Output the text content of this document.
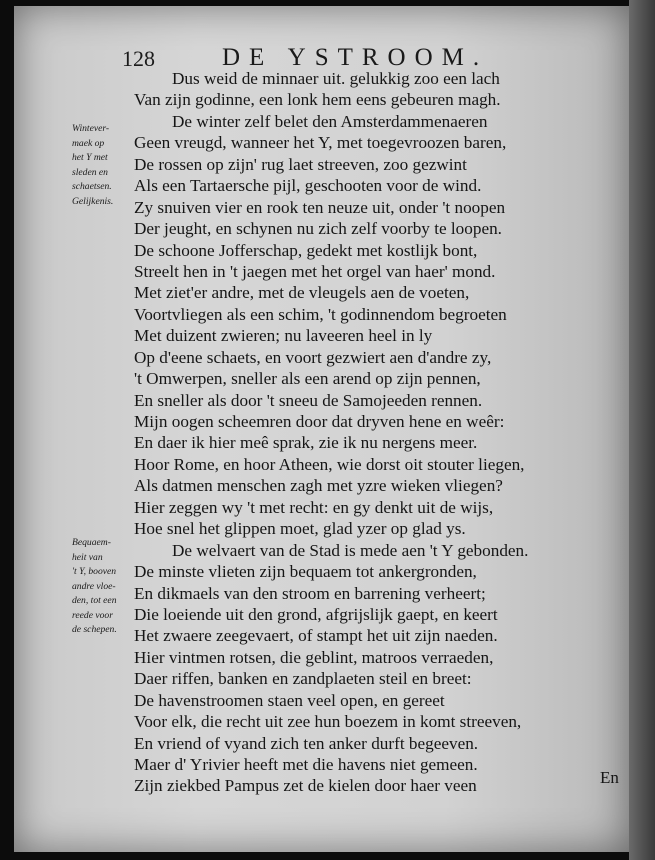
128	DE YSTROOM.
Wintever-
maek op
het Y met
sleden en
schaetsen.
Gelijkenis.
Bequaem-
heit van
't Y, booven
andre vloe-
den, tot een
reede voor
de schepen.
Dus weid de minnaer uit. gelukkig zoo een lach
Van zijn godinne, een lonk hem eens gebeuren magh.
De winter zelf belet den Amsterdammenaeren
Geen vreugd, wanneer het Y, met toegevroozen baren,
De rossen op zijn' rug laet streeven, zoo gezwint
Als een Tartaersche pijl, geschooten voor de wind.
Zy snuiven vier en rook ten neuze uit, onder 't noopen
Der jeught, en schynen nu zich zelf voorby te loopen.
De schoone Jofferschap, gedekt met kostlijk bont,
Streelt hen in 't jaegen met het orgel van haer' mond.
Met ziet'er andre, met de vleugels aen de voeten,
Voortvliegen als een schim, 't godinnendom begroeten
Met duizent zwieren; nu laveeren heel in ly
Op d'eene schaets, en voort gezwiert aen d'andre zy,
't Omwerpen, sneller als een arend op zijn pennen,
En sneller als door 't sneeu de Samojeeden rennen.
Mijn oogen scheemren door dat dryven hene en weêr:
En daer ik hier meê sprak, zie ik nu nergens meer.
Hoor Rome, en hoor Atheen, wie dorst oit stouter liegen,
Als datmen menschen zagh met yzre wieken vliegen?
Hier zeggen wy 't met recht: en gy denkt uit de wijs,
Hoe snel het glippen moet, glad yzer op glad ys.
De welvaert van de Stad is mede aen 't Y gebonden.
De minste vlieten zijn bequaem tot ankergronden,
En dikmaels van den stroom en barrening verheert;
Die loeiende uit den grond, afgrijslijk gaept, en keert
Het zwaere zeegevaert, of stampt het uit zijn naeden.
Hier vintmen rotsen, die geblint, matroos verraeden,
Daer riffen, banken en zandplaeten steil en breet:
De havenstroomen staen veel open, en gereet
Voor elk, die recht uit zee hun boezem in komt streeven,
En vriend of vyand zich ten anker durft begeeven.
Maer d' Yrivier heeft met die havens niet gemeen.
Zijn ziekbed Pampus zet de kielen door haer veen	En
